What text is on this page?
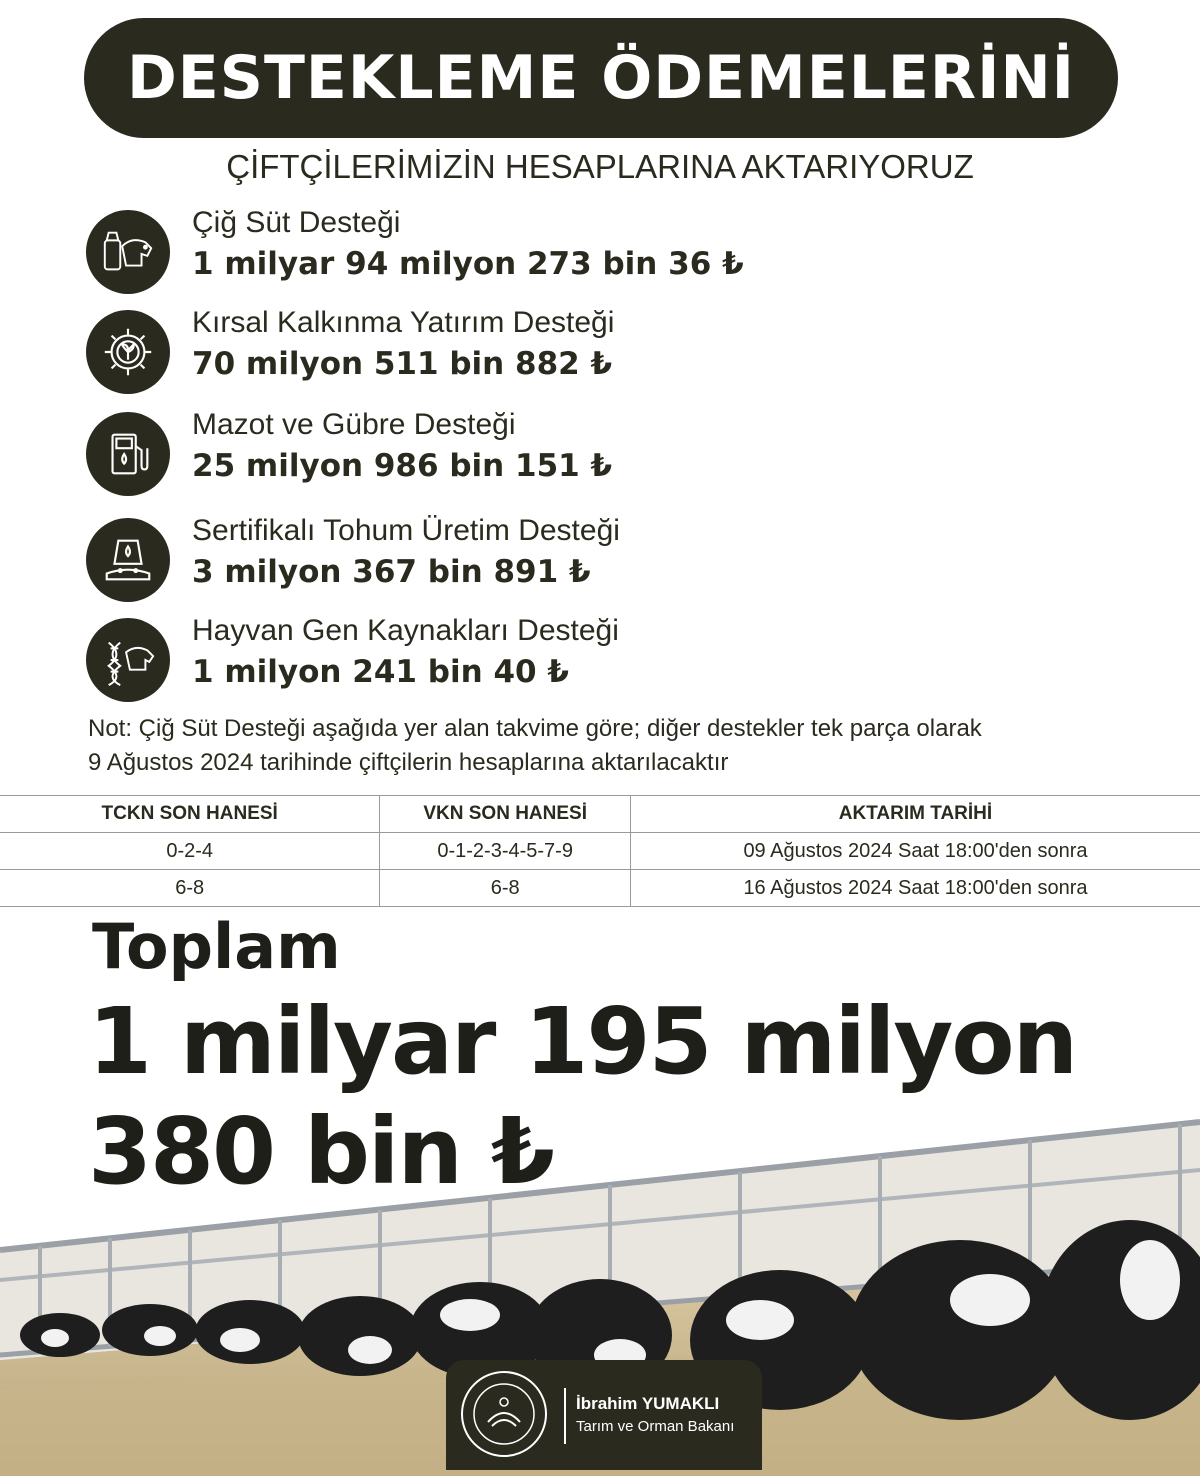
DESTEKLEME ÖDEMELERİNİ
ÇİFTÇİLERİMİZİN HESAPLARINA AKTARIYORUZ
Çiğ Süt Desteği
1 milyar 94 milyon 273 bin 36 ₺
Kırsal Kalkınma Yatırım Desteği
70 milyon 511 bin 882 ₺
Mazot ve Gübre Desteği
25 milyon 986 bin 151 ₺
Sertifikalı Tohum Üretim Desteği
3 milyon 367 bin 891 ₺
Hayvan Gen Kaynakları Desteği
1 milyon 241 bin 40 ₺
Not: Çiğ Süt Desteği aşağıda yer alan takvime göre; diğer destekler tek parça olarak
9 Ağustos 2024 tarihinde çiftçilerin hesaplarına aktarılacaktır
TCKN SON HANESİ	VKN SON HANESİ	AKTARIM TARİHİ
0-2-4	0-1-2-3-4-5-7-9	09 Ağustos 2024 Saat 18:00'den sonra
6-8	6-8	16 Ağustos 2024 Saat 18:00'den sonra
Toplam
1 milyar 195 milyon
380 bin ₺
İbrahim YUMAKLI
Tarım ve Orman Bakanı
